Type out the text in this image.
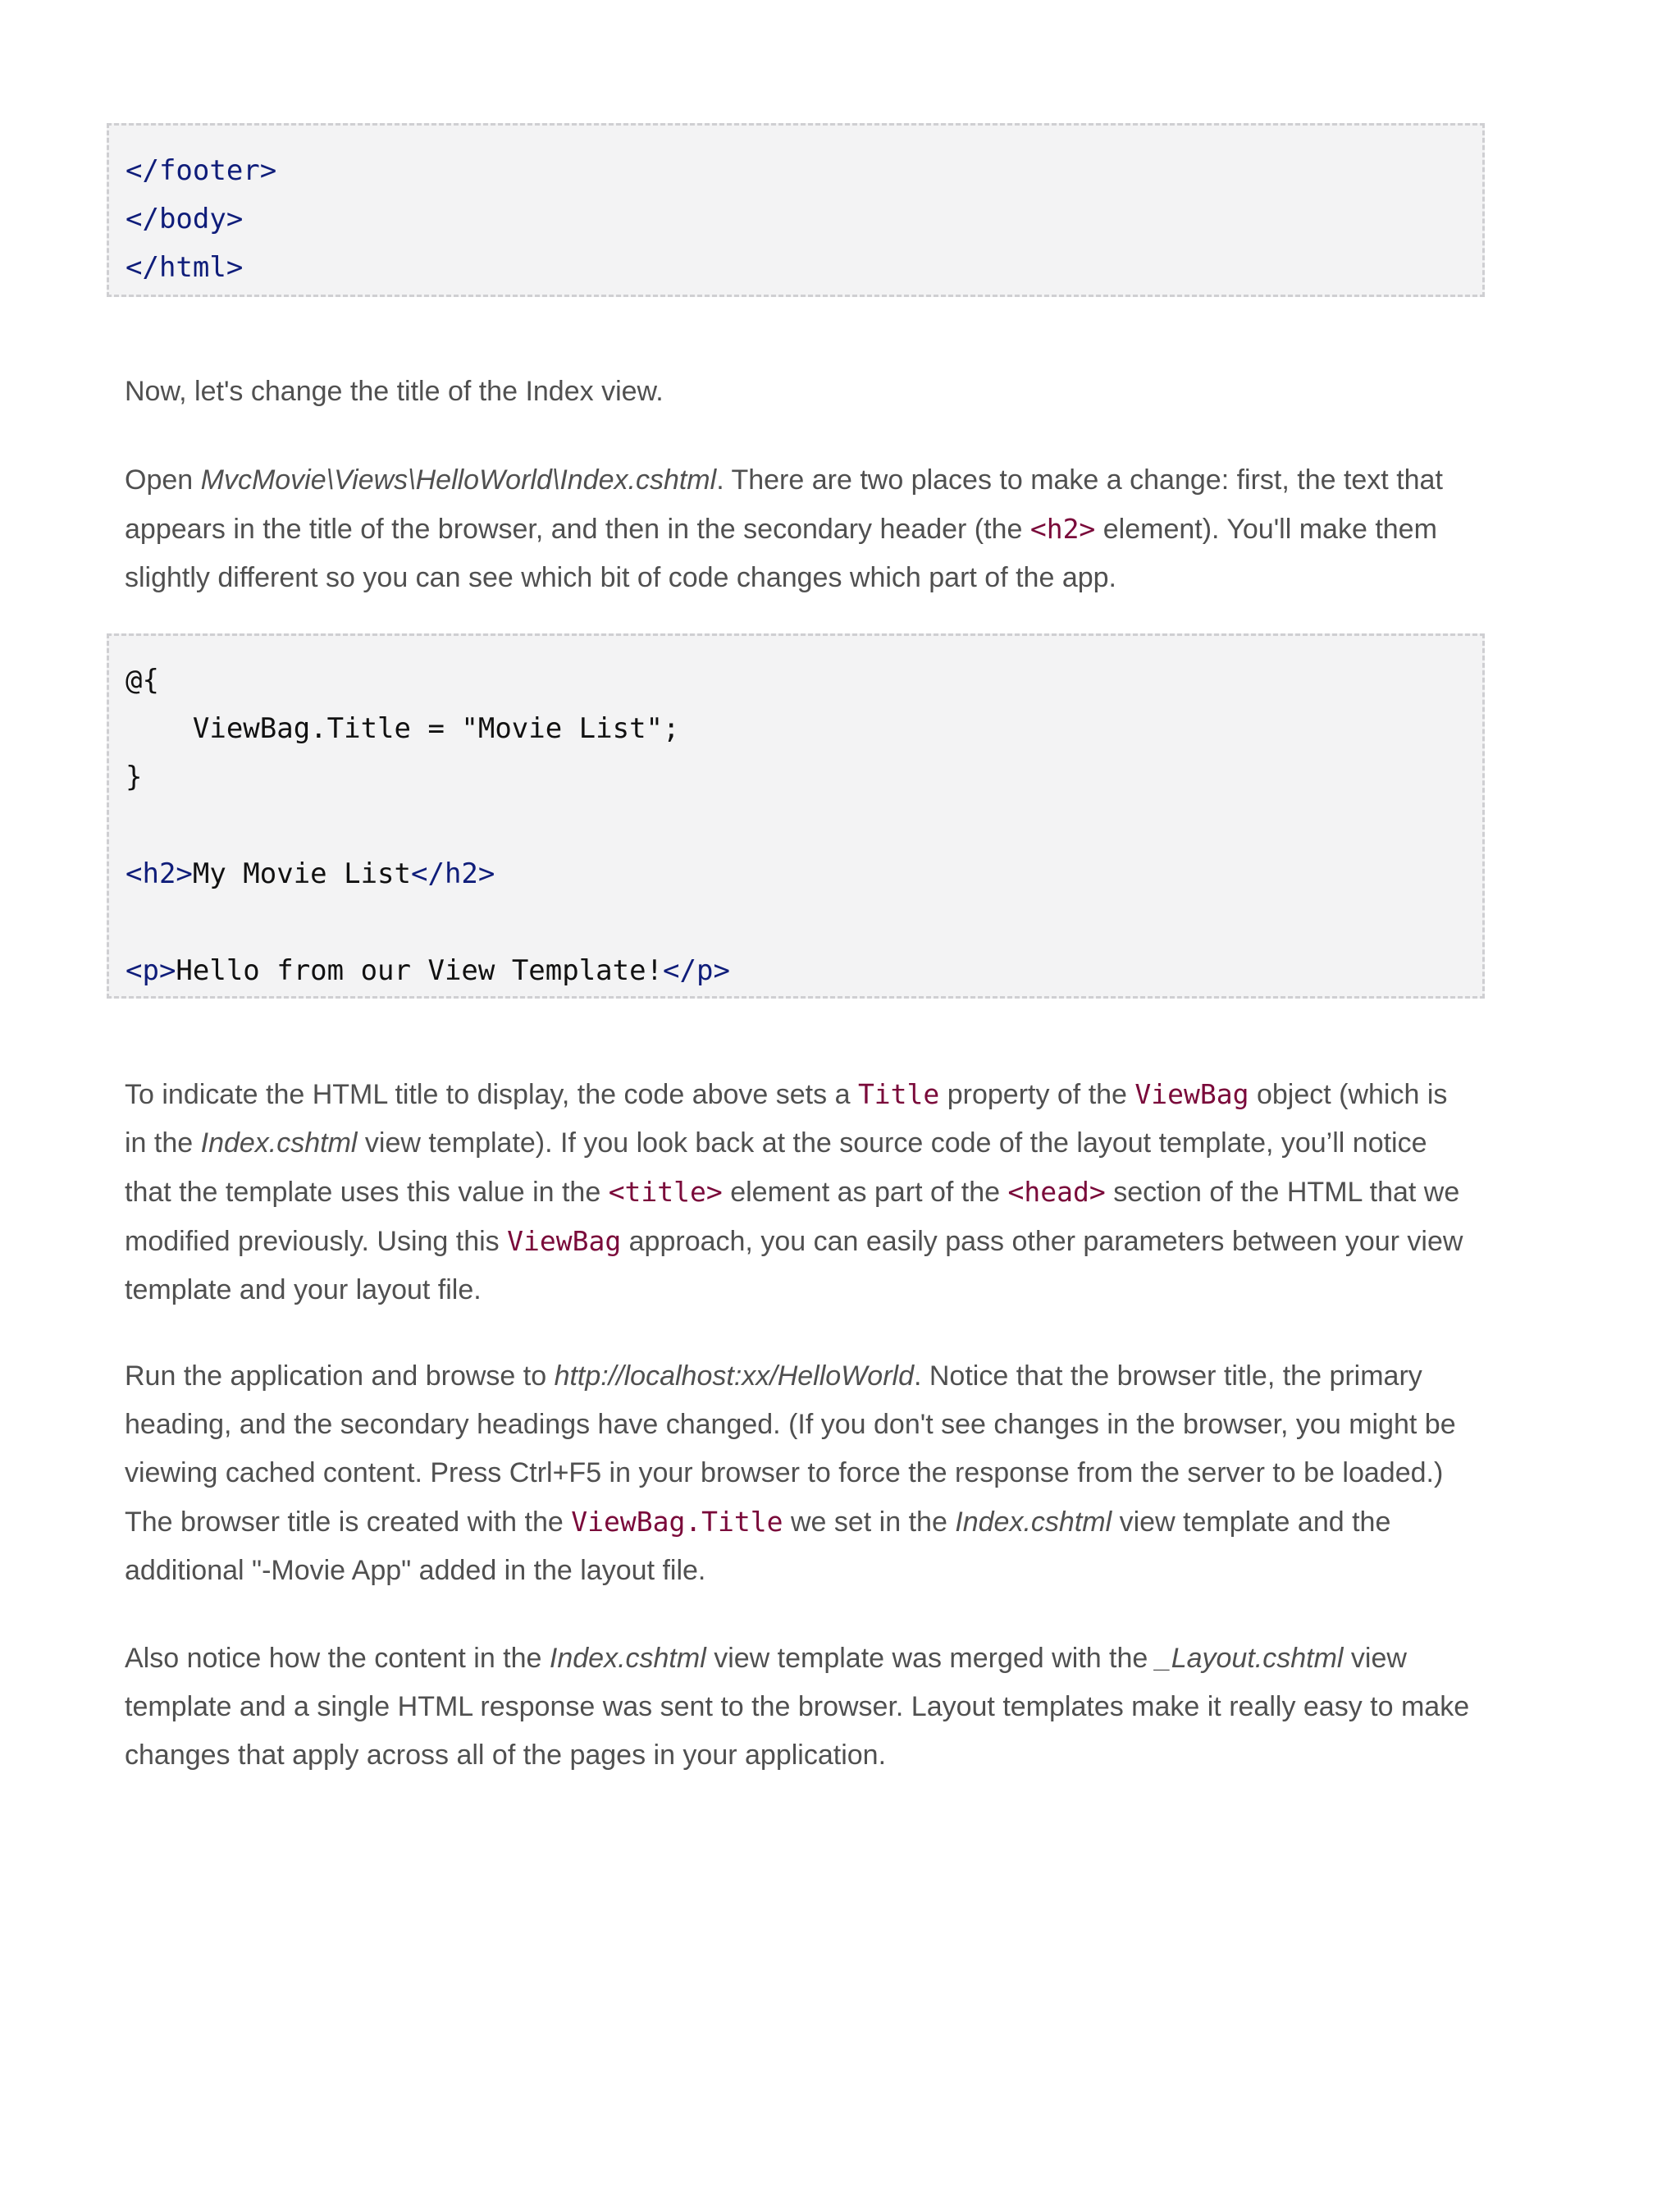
</footer>
</body>
</html>

Now, let's change the title of the Index view.

Open MvcMovie\Views\HelloWorld\Index.cshtml. There are two places to make a change: first, the text that appears in the title of the browser, and then in the secondary header (the <h2> element). You'll make them slightly different so you can see which bit of code changes which part of the app.

@{
ViewBag.Title = "Movie List";
}
<h2>My Movie List</h2>
<p>Hello from our View Template!</p>

To indicate the HTML title to display, the code above sets a Title property of the ViewBag object (which is in the Index.cshtml view template). If you look back at the source code of the layout template, you’ll notice that the template uses this value in the <title> element as part of the <head> section of the HTML that we modified previously. Using this ViewBag approach, you can easily pass other parameters between your view template and your layout file.

Run the application and browse to http://localhost:xx/HelloWorld. Notice that the browser title, the primary heading, and the secondary headings have changed. (If you don't see changes in the browser, you might be viewing cached content. Press Ctrl+F5 in your browser to force the response from the server to be loaded.) The browser title is created with the ViewBag.Title we set in the Index.cshtml view template and the additional "-Movie App" added in the layout file.

Also notice how the content in the Index.cshtml view template was merged with the _Layout.cshtml view template and a single HTML response was sent to the browser. Layout templates make it really easy to make changes that apply across all of the pages in your application.
